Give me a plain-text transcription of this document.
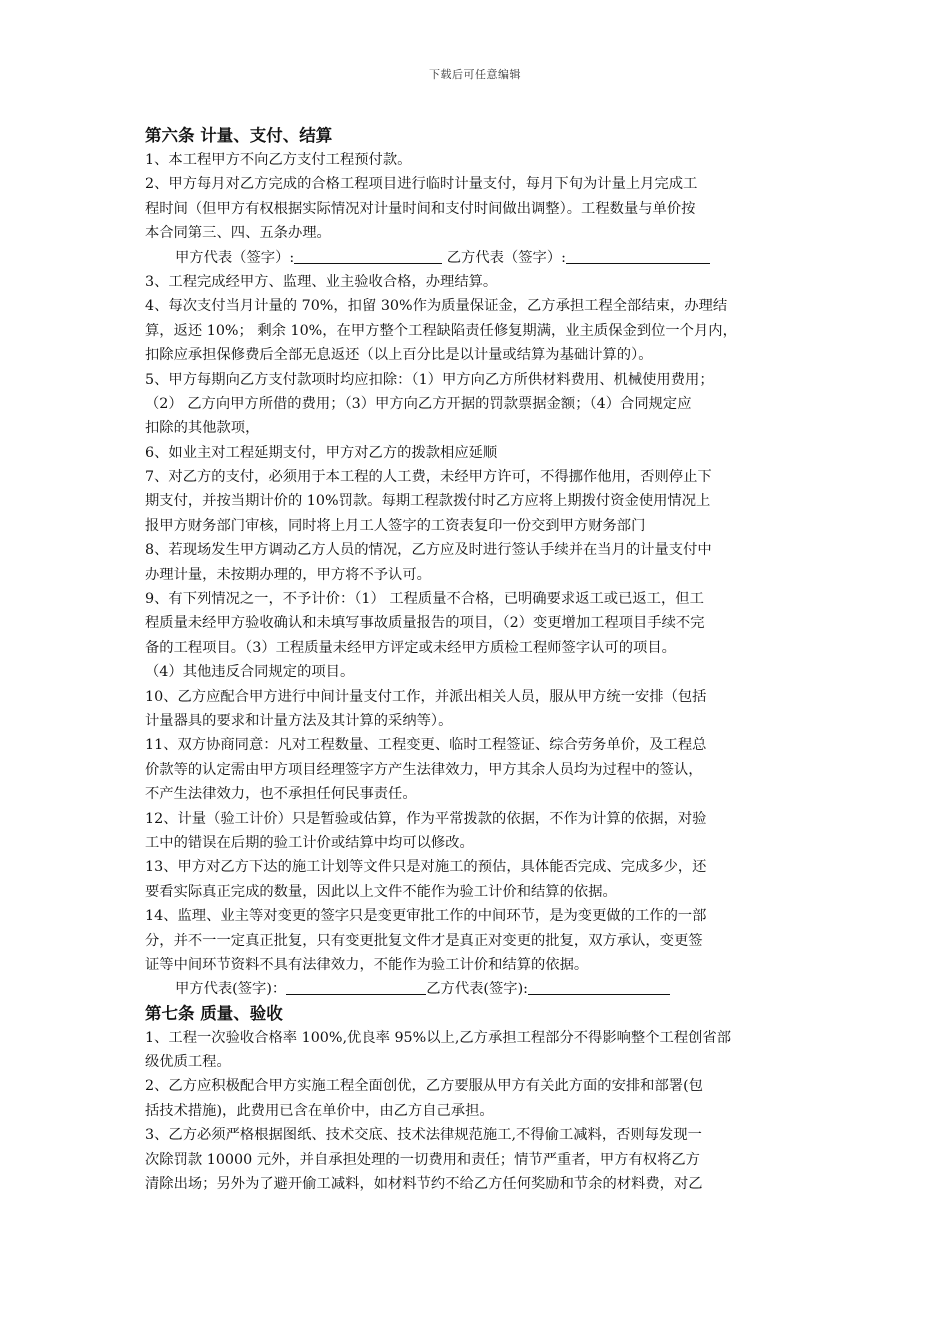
下载后可任意编辑
第六条 计量、支付、结算
1、本工程甲方不向乙方支付工程预付款。
2、甲方每月对乙方完成的合格工程项目进行临时计量支付，每月下旬为计量上月完成工
程时间（但甲方有权根据实际情况对计量时间和支付时间做出调整）。工程数量与单价按
本合同第三、四、五条办理。
甲方代表（签字）:	乙方代表（签字）:
3、工程完成经甲方、监理、业主验收合格，办理结算。
4、每次支付当月计量的 70%，扣留 30%作为质量保证金，乙方承担工程全部结束，办理结
算，返还 10%； 剩余 10%，在甲方整个工程缺陷责任修复期满，业主质保金到位一个月内，
扣除应承担保修费后全部无息返还（以上百分比是以计量或结算为基础计算的）。
5、甲方每期向乙方支付款项时均应扣除：（1）甲方向乙方所供材料费用、机械使用费用；
（2） 乙方向甲方所借的费用；（3）甲方向乙方开据的罚款票据金额；（4）合同规定应
扣除的其他款项，
6、如业主对工程延期支付，甲方对乙方的拨款相应延顺
7、对乙方的支付，必须用于本工程的人工费，未经甲方许可，不得挪作他用，否则停止下
期支付，并按当期计价的 10%罚款。每期工程款拨付时乙方应将上期拨付资金使用情况上
报甲方财务部门审核，同时将上月工人签字的工资表复印一份交到甲方财务部门
8、若现场发生甲方调动乙方人员的情况，乙方应及时进行签认手续并在当月的计量支付中
办理计量，未按期办理的，甲方将不予认可。
9、有下列情况之一，不予计价：（1） 工程质量不合格，已明确要求返工或已返工，但工
程质量未经甲方验收确认和未填写事故质量报告的项目，（2）变更增加工程项目手续不完
备的工程项目。（3）工程质量未经甲方评定或未经甲方质检工程师签字认可的项目。
（4）其他违反合同规定的项目。
10、乙方应配合甲方进行中间计量支付工作，并派出相关人员，服从甲方统一安排（包括
计量器具的要求和计量方法及其计算的采纳等）。
11、双方协商同意：凡对工程数量、工程变更、临时工程签证、综合劳务单价，及工程总
价款等的认定需由甲方项目经理签字方产生法律效力，甲方其余人员均为过程中的签认，
不产生法律效力，也不承担任何民事责任。
12、计量（验工计价）只是暂验或估算，作为平常拨款的依据，不作为计算的依据，对验
工中的错误在后期的验工计价或结算中均可以修改。
13、甲方对乙方下达的施工计划等文件只是对施工的预估，具体能否完成、完成多少，还
要看实际真正完成的数量，因此以上文件不能作为验工计价和结算的依据。
14、监理、业主等对变更的签字只是变更审批工作的中间环节，是为变更做的工作的一部
分，并不一一定真正批复，只有变更批复文件才是真正对变更的批复，双方承认，变更签
证等中间环节资料不具有法律效力，不能作为验工计价和结算的依据。
甲方代表(签字)：	乙方代表(签字):
第七条 质量、验收
1、工程一次验收合格率 100%,优良率 95%以上,乙方承担工程部分不得影响整个工程创省部
级优质工程。
2、乙方应积极配合甲方实施工程全面创优，乙方要服从甲方有关此方面的安排和部署(包
括技术措施)，此费用已含在单价中，由乙方自己承担。
3、乙方必须严格根据图纸、技术交底、技术法律规范施工,不得偷工减料，否则每发现一
次除罚款 10000 元外，并自承担处理的一切费用和责任；情节严重者，甲方有权将乙方
清除出场；另外为了避开偷工减料，如材料节约不给乙方任何奖励和节余的材料费，对乙
